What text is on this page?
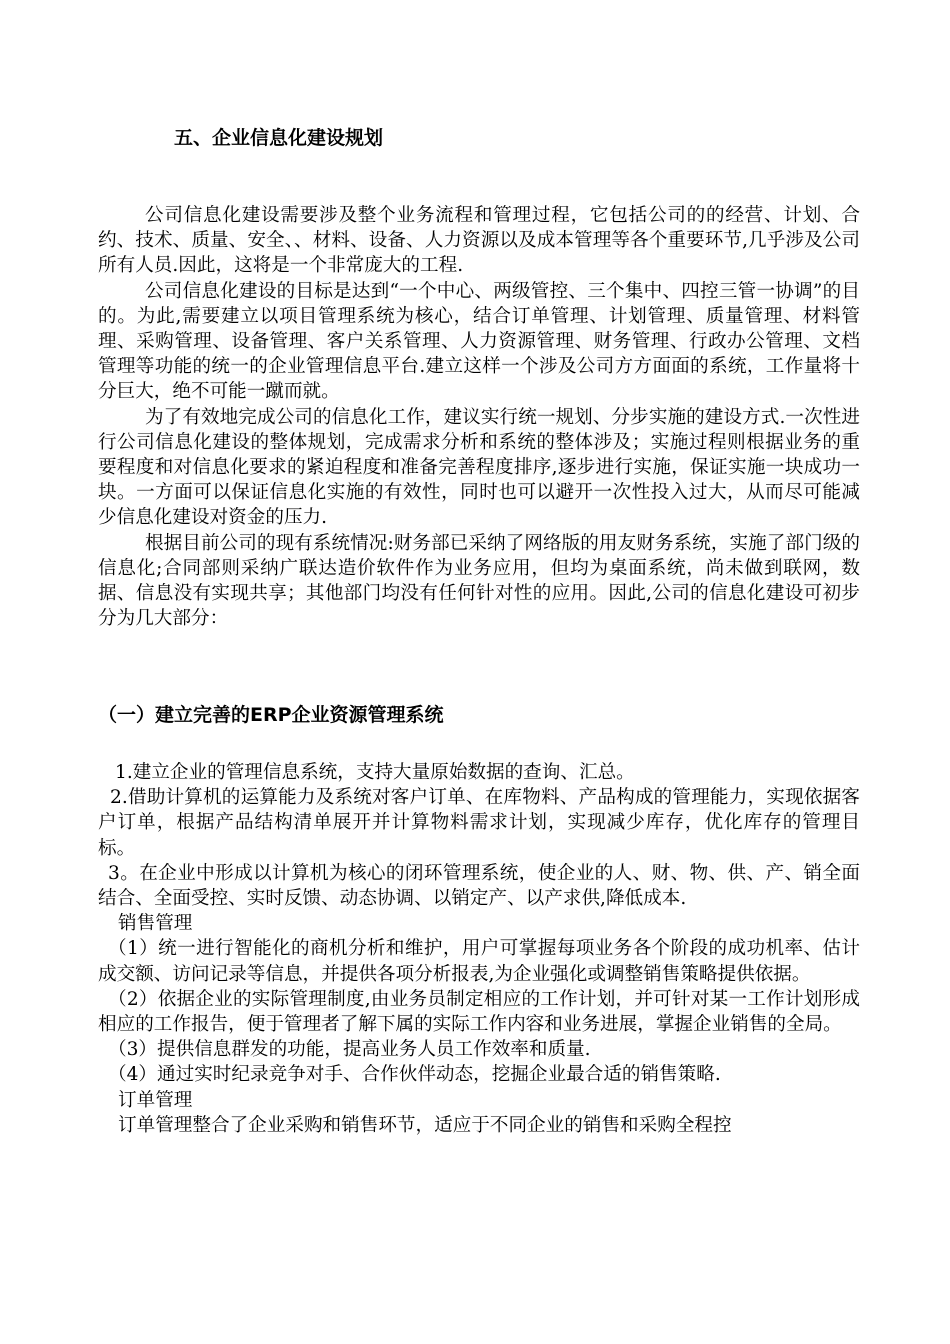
五、企业信息化建设规划

公司信息化建设需要涉及整个业务流程和管理过程，它包括公司的的经营、计划、合约、技术、质量、安全、、材料、设备、人力资源以及成本管理等各个重要环节,几乎涉及公司所有人员.因此，这将是一个非常庞大的工程.

公司信息化建设的目标是达到“一个中心、两级管控、三个集中、四控三管一协调”的目的。为此,需要建立以项目管理系统为核心，结合订单管理、计划管理、质量管理、材料管理、采购管理、设备管理、客户关系管理、人力资源管理、财务管理、行政办公管理、文档管理等功能的统一的企业管理信息平台.建立这样一个涉及公司方方面面的系统，工作量将十分巨大，绝不可能一蹴而就。

为了有效地完成公司的信息化工作，建议实行统一规划、分步实施的建设方式.一次性进行公司信息化建设的整体规划，完成需求分析和系统的整体涉及；实施过程则根据业务的重要程度和对信息化要求的紧迫程度和准备完善程度排序,逐步进行实施，保证实施一块成功一块。一方面可以保证信息化实施的有效性，同时也可以避开一次性投入过大，从而尽可能减少信息化建设对资金的压力.

根据目前公司的现有系统情况:财务部已采纳了网络版的用友财务系统，实施了部门级的信息化;合同部则采纳广联达造价软件作为业务应用，但均为桌面系统，尚未做到联网，数据、信息没有实现共享；其他部门均没有任何针对性的应用。因此,公司的信息化建设可初步分为几大部分：

（一）建立完善的ERP企业资源管理系统

1.建立企业的管理信息系统，支持大量原始数据的查询、汇总。

2.借助计算机的运算能力及系统对客户订单、在库物料、产品构成的管理能力，实现依据客户订单，根据产品结构清单展开并计算物料需求计划，实现减少库存，优化库存的管理目标。

3。在企业中形成以计算机为核心的闭环管理系统，使企业的人、财、物、供、产、销全面结合、全面受控、实时反馈、动态协调、以销定产、以产求供,降低成本.

销售管理

（1）统一进行智能化的商机分析和维护，用户可掌握每项业务各个阶段的成功机率、估计成交额、访问记录等信息，并提供各项分析报表,为企业强化或调整销售策略提供依据。

（2）依据企业的实际管理制度,由业务员制定相应的工作计划，并可针对某一工作计划形成相应的工作报告，便于管理者了解下属的实际工作内容和业务进展，掌握企业销售的全局。

（3）提供信息群发的功能，提高业务人员工作效率和质量.

（4）通过实时纪录竞争对手、合作伙伴动态，挖掘企业最合适的销售策略.

订单管理

订单管理整合了企业采购和销售环节，适应于不同企业的销售和采购全程控
